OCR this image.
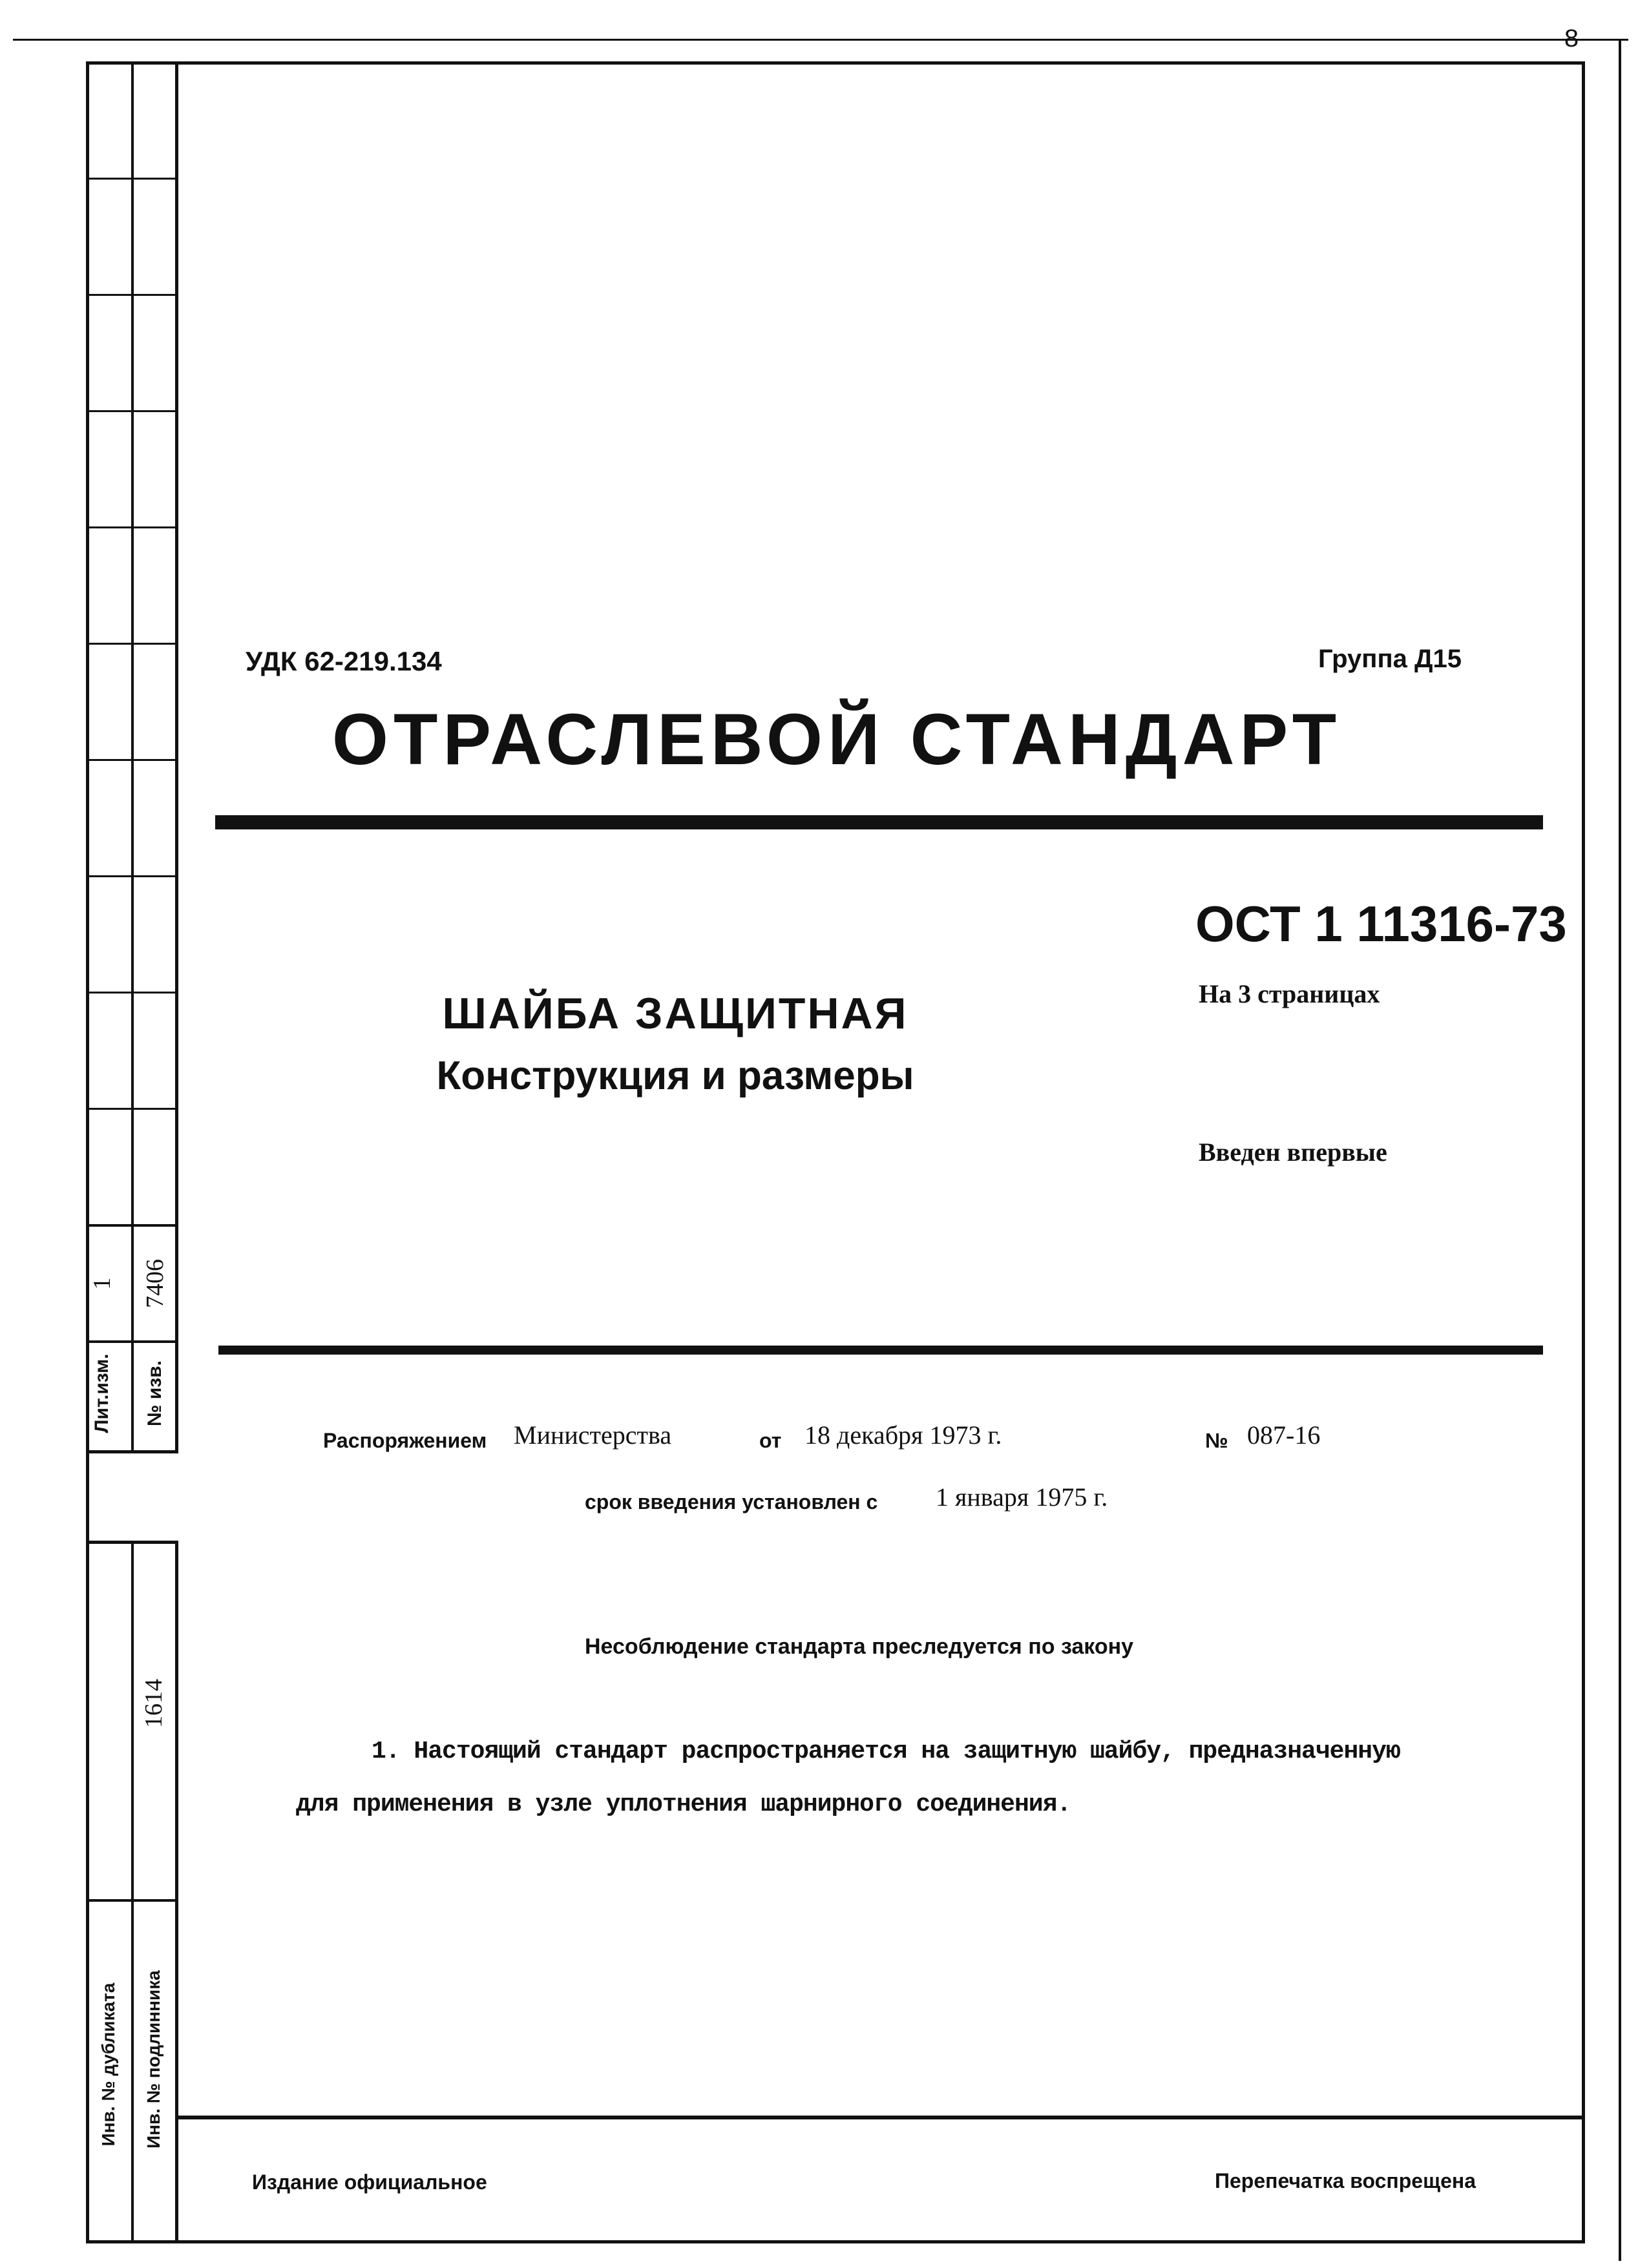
8
Лит.изм.
1
№ изв.
7406
Инв. № дубликата Инв. № подлинника
1614
УДК 62-219.134	Группа Д15
ОТРАСЛЕВОЙ СТАНДАРТ
ОСТ 1 11316-73
На 3 страницах
Введен впервые
ШАЙБА ЗАЩИТНАЯ
Конструкция и размеры
Распоряжением Министерства	от 18 декабря 1973 г.	№ 087-16
срок введения установлен с 1 января 1975 г.
Несоблюдение стандарта преследуется по закону
1. Настоящий стандарт распространяется на защитную шайбу, предназначенную
для применения в узле уплотнения шарнирного соединения.
Издание официальное	Перепечатка воспрещена
